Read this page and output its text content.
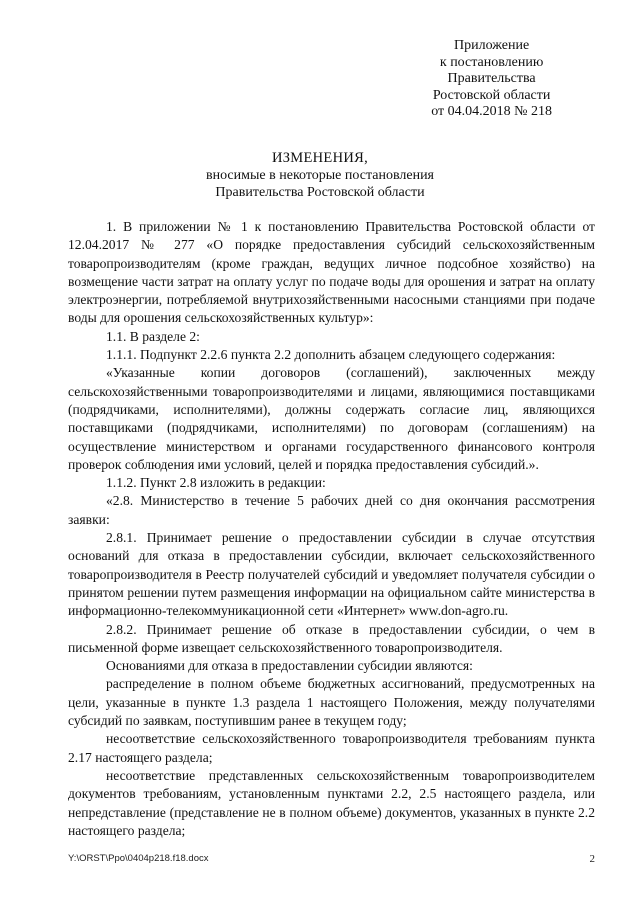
Приложение
к постановлению
Правительства
Ростовской области
от 04.04.2018 № 218
ИЗМЕНЕНИЯ,
вносимые в некоторые постановления
Правительства Ростовской области

1. В приложении № 1 к постановлению Правительства Ростовской области от 12.04.2017 № 277 «О порядке предоставления субсидий сельскохозяйственным товаропроизводителям (кроме граждан, ведущих личное подсобное хозяйство) на возмещение части затрат на оплату услуг по подаче воды для орошения и затрат на оплату электроэнергии, потребляемой внутрихозяйственными насосными станциями при подаче воды для орошения сельскохозяйственных культур»:

1.1. В разделе 2:

1.1.1. Подпункт 2.2.6 пункта 2.2 дополнить абзацем следующего содержания:

«Указанные копии договоров (соглашений), заключенных между сельскохозяйственными товаропроизводителями и лицами, являющимися поставщиками (подрядчиками, исполнителями), должны содержать согласие лиц, являющихся поставщиками (подрядчиками, исполнителями) по договорам (соглашениям) на осуществление министерством и органами государственного финансового контроля проверок соблюдения ими условий, целей и порядка предоставления субсидий.».

1.1.2. Пункт 2.8 изложить в редакции:

«2.8. Министерство в течение 5 рабочих дней со дня окончания рассмотрения заявки:

2.8.1. Принимает решение о предоставлении субсидии в случае отсутствия оснований для отказа в предоставлении субсидии, включает сельскохозяйственного товаропроизводителя в Реестр получателей субсидий и уведомляет получателя субсидии о принятом решении путем размещения информации на официальном сайте министерства в информационно-телекоммуникационной сети «Интернет» www.don-agro.ru.

2.8.2. Принимает решение об отказе в предоставлении субсидии, о чем в письменной форме извещает сельскохозяйственного товаропроизводителя.

Основаниями для отказа в предоставлении субсидии являются:

распределение в полном объеме бюджетных ассигнований, предусмотренных на цели, указанные в пункте 1.3 раздела 1 настоящего Положения, между получателями субсидий по заявкам, поступившим ранее в текущем году;

несоответствие сельскохозяйственного товаропроизводителя требованиям пункта 2.17 настоящего раздела;

несоответствие представленных сельскохозяйственным товаропроизводителем документов требованиям, установленным пунктами 2.2, 2.5 настоящего раздела, или непредставление (представление не в полном объеме) документов, указанных в пункте 2.2 настоящего раздела;

Y:\ORST\Ppo\0404p218.f18.docx	2
